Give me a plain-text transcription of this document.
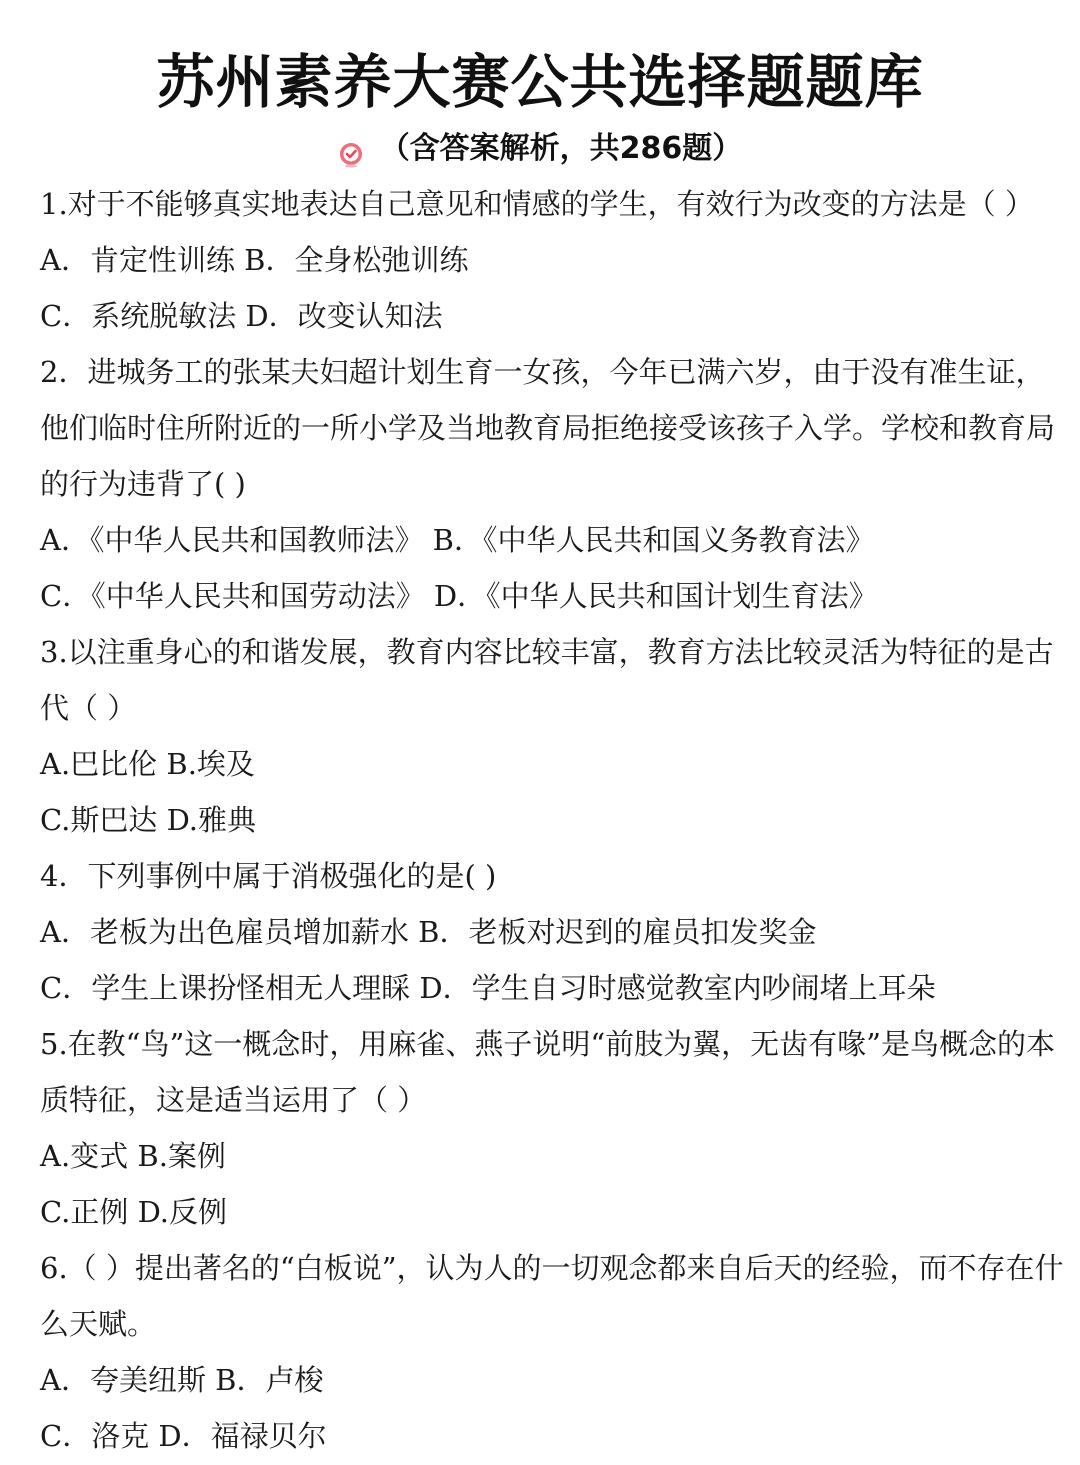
苏州素养大赛公共选择题题库
（含答案解析，共286题）
1.对于不能够真实地表达自己意见和情感的学生，有效行为改变的方法是（ ）
A．肯定性训练 B．全身松弛训练
C．系统脱敏法 D．改变认知法
2．进城务工的张某夫妇超计划生育一女孩，今年已满六岁，由于没有准生证，
他们临时住所附近的一所小学及当地教育局拒绝接受该孩子入学。学校和教育局
的行为违背了( )
A．《中华人民共和国教师法》 B．《中华人民共和国义务教育法》
C．《中华人民共和国劳动法》 D．《中华人民共和国计划生育法》
3.以注重身心的和谐发展，教育内容比较丰富，教育方法比较灵活为特征的是古
代（ ）
A.巴比伦 B.埃及
C.斯巴达 D.雅典
4．下列事例中属于消极强化的是( )
A．老板为出色雇员增加薪水 B．老板对迟到的雇员扣发奖金
C．学生上课扮怪相无人理睬 D．学生自习时感觉教室内吵闹堵上耳朵
5.在教“鸟”这一概念时，用麻雀、燕子说明“前肢为翼，无齿有喙”是鸟概念的本
质特征，这是适当运用了（ ）
A.变式 B.案例
C.正例 D.反例
6.（ ）提出著名的“白板说”，认为人的一切观念都来自后天的经验，而不存在什
么天赋。
A．夸美纽斯 B．卢梭
C．洛克 D．福禄贝尔
